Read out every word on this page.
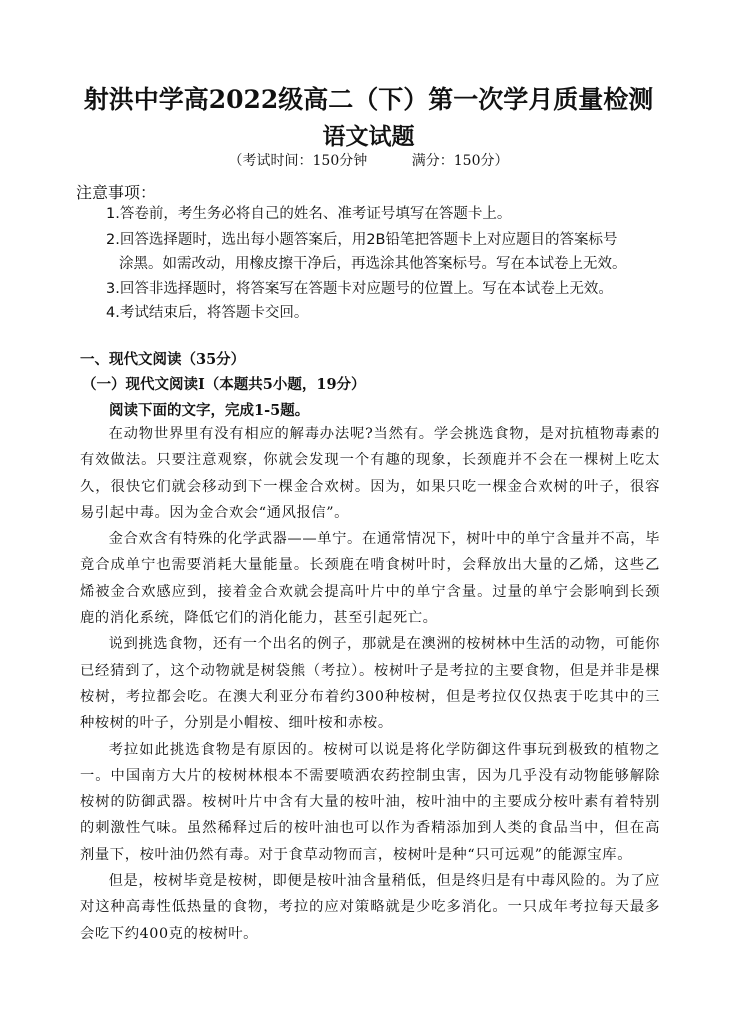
射洪中学高2022级高二（下）第一次学月质量检测
语文试题
（考试时间：150分钟	满分：150分）
注意事项：
1.答卷前，考生务必将自己的姓名、准考证号填写在答题卡上。
2.回答选择题时，选出每小题答案后，用2B铅笔把答题卡上对应题目的答案标号
涂黑。如需改动，用橡皮擦干净后，再选涂其他答案标号。写在本试卷上无效。
3.回答非选择题时，将答案写在答题卡对应题号的位置上。写在本试卷上无效。
4.考试结束后，将答题卡交回。
一、现代文阅读（35分）
（一）现代文阅读Ⅰ（本题共5小题，19分）
阅读下面的文字，完成1-5题。

在动物世界里有没有相应的解毒办法呢?当然有。学会挑选食物，是对抗植物毒素的有效做法。只要注意观察，你就会发现一个有趣的现象，长颈鹿并不会在一棵树上吃太久，很快它们就会移动到下一棵金合欢树。因为，如果只吃一棵金合欢树的叶子，很容易引起中毒。因为金合欢会“通风报信”。

金合欢含有特殊的化学武器——单宁。在通常情况下，树叶中的单宁含量并不高，毕竟合成单宁也需要消耗大量能量。长颈鹿在啃食树叶时，会释放出大量的乙烯，这些乙烯被金合欢感应到，接着金合欢就会提高叶片中的单宁含量。过量的单宁会影响到长颈鹿的消化系统，降低它们的消化能力，甚至引起死亡。

说到挑选食物，还有一个出名的例子，那就是在澳洲的桉树林中生活的动物，可能你已经猜到了，这个动物就是树袋熊（考拉）。桉树叶子是考拉的主要食物，但是并非是棵桉树，考拉都会吃。在澳大利亚分布着约300种桉树，但是考拉仅仅热衷于吃其中的三种桉树的叶子，分别是小帽桉、细叶桉和赤桉。

考拉如此挑选食物是有原因的。桉树可以说是将化学防御这件事玩到极致的植物之一。中国南方大片的桉树林根本不需要喷洒农药控制虫害，因为几乎没有动物能够解除桉树的防御武器。桉树叶片中含有大量的桉叶油，桉叶油中的主要成分桉叶素有着特别的刺激性气味。虽然稀释过后的桉叶油也可以作为香精添加到人类的食品当中，但在高剂量下，桉叶油仍然有毒。对于食草动物而言，桉树叶是种“只可远观”的能源宝库。

但是，桉树毕竟是桉树，即便是桉叶油含量稍低，但是终归是有中毒风险的。为了应对这种高毒性低热量的食物，考拉的应对策略就是少吃多消化。一只成年考拉每天最多会吃下约400克的桉树叶。
